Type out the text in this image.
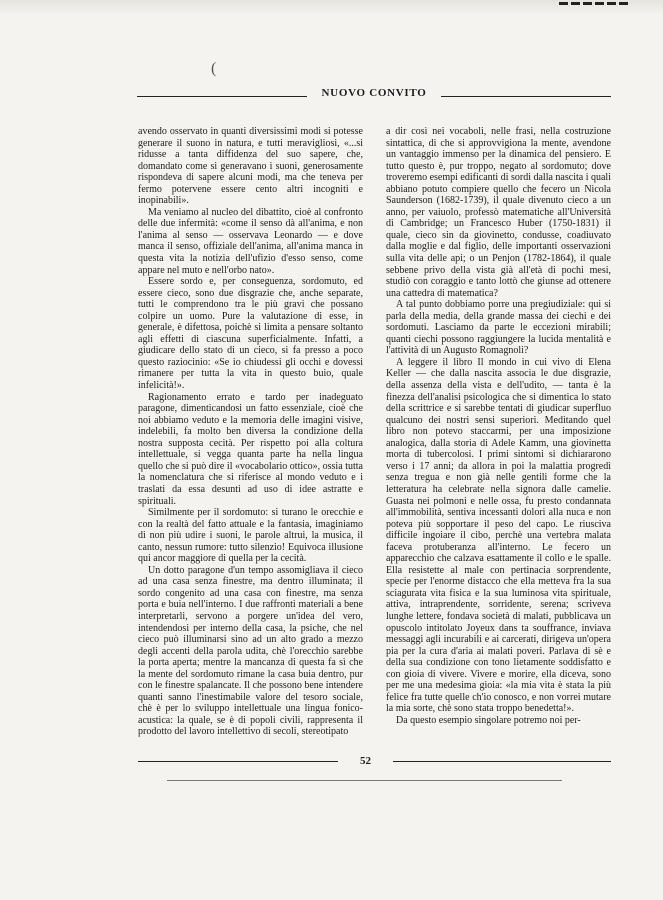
(
NUOVO CONVITO

avendo osservato in quanti diversissimi modi si potesse generare il suono in natura, e tutti meravigliosi, «...si ridusse a tanta diffidenza del suo sapere, che, domandato come si generavano i suoni, generosamente rispondeva di sapere alcuni modi, ma che teneva per fermo potervene essere cento altri incogniti e inopinabili».

Ma veniamo al nucleo del dibattito, cioè al confronto delle due infermità: «come il senso dà all'anima, e non l'anima al senso — osservava Leonardo — e dove manca il senso, offiziale dell'anima, all'anima manca in questa vita la notizia dell'ufizio d'esso senso, come appare nel muto e nell'orbo nato».

Essere sordo e, per conseguenza, sordomuto, ed essere cieco, sono due disgrazie che, anche separate, tutti le comprendono tra le più gravi che possano colpire un uomo. Pure la valutazione di esse, in generale, è difettosa, poichè si limita a pensare soltanto agli effetti di ciascuna superficialmente. Infatti, a giudicare dello stato di un cieco, si fa presso a poco questo raziocinio: «Se io chiudessi gli occhi e dovessi rimanere per tutta la vita in questo buio, quale infelicità!».

Ragionamento errato e tardo per inadeguato paragone, dimenticandosi un fatto essenziale, cioè che noi abbiamo veduto e la memoria delle imagini visive, indelebili, fa molto ben diversa la condizione della nostra supposta cecità. Per rispetto poi alla coltura intellettuale, si vegga quanta parte ha nella lingua quello che si può dire il «vocabolario ottico», ossia tutta la nomenclatura che si riferisce al mondo veduto e i traslati da essa desunti ad uso di idee astratte e spirituali.

Similmente per il sordomuto: si turano le orecchie e con la realtà del fatto attuale e la fantasia, imaginiamo di non più udire i suoni, le parole altrui, la musica, il canto, nessun rumore: tutto silenzio! Equivoca illusione qui ancor maggiore di quella per la cecità.

Un dotto paragone d'un tempo assomigliava il cieco ad una casa senza finestre, ma dentro illuminata; il sordo congenito ad una casa con finestre, ma senza porta e buia nell'interno. I due raffronti materiali a bene interpretarli, servono a porgere un'idea del vero, intendendosi per interno della casa, la psiche, che nel cieco può illuminarsi sino ad un alto grado a mezzo degli accenti della parola udita, chè l'orecchio sarebbe la porta aperta; mentre la mancanza di questa fa sì che la mente del sordomuto rimane la casa buia dentro, pur con le finestre spalancate. Il che possono bene intendere quanti sanno l'inestimabile valore del tesoro sociale, chè è per lo sviluppo intellettuale una lingua fonico-acustica: la quale, se è di popoli civili, rappresenta il prodotto del lavoro intellettivo di secoli, stereotipato

a dir così nei vocaboli, nelle frasi, nella costruzione sintattica, di che si approvvigiona la mente, avendone un vantaggio immenso per la dinamica del pensiero. E tutto questo è, pur troppo, negato al sordomuto; dove troveremo esempi edificanti di sordi dalla nascita i quali abbiano potuto compiere quello che fecero un Nicola Saunderson (1682-1739), il quale divenuto cieco a un anno, per vaiuolo, professò matematiche all'Università di Cambridge; un Francesco Huber (1750-1831) il quale, cieco sin da giovinetto, condusse, coadiuvato dalla moglie e dal figlio, delle importanti osservazioni sulla vita delle api; o un Penjon (1782-1864), il quale sebbene privo della vista già all'età di pochi mesi, studiò con coraggio e tanto lottò che giunse ad ottenere una cattedra di matematica?

A tal punto dobbiamo porre una pregiudiziale: qui si parla della media, della grande massa dei ciechi e dei sordomuti. Lasciamo da parte le eccezioni mirabili; quanti ciechi possono raggiungere la lucida mentalità e l'attività di un Augusto Romagnoli?

A leggere il libro Il mondo in cui vivo di Elena Keller — che dalla nascita associa le due disgrazie, della assenza della vista e dell'udito, — tanta è la finezza dell'analisi psicologica che si dimentica lo stato della scrittrice e si sarebbe tentati di giudicar superfluo qualcuno dei nostri sensi superiori. Meditando quel libro non potevo staccarmi, per una imposizione analogica, dalla storia di Adele Kamm, una giovinetta morta di tubercolosi. I primi sintomi si dichiararono verso i 17 anni; da allora in poi la malattia progredì senza tregua e non già nelle gentili forme che la letteratura ha celebrate nella signora dalle camelie. Guasta nei polmoni e nelle ossa, fu presto condannata all'immobilità, sentiva incessanti dolori alla nuca e non poteva più sopportare il peso del capo. Le riusciva difficile ingoiare il cibo, perchè una vertebra malata faceva protuberanza all'interno. Le fecero un apparecchio che calzava esattamente il collo e le spalle. Ella resistette al male con pertinacia sorprendente, specie per l'enorme distacco che ella metteva fra la sua sciagurata vita fisica e la sua luminosa vita spirituale, attiva, intraprendente, sorridente, serena; scriveva lunghe lettere, fondava società di malati, pubblicava un opuscolo intitolato Joyeux dans ta souffrance, inviava messaggi agli incurabili e ai carcerati, dirigeva un'opera pia per la cura d'aria ai malati poveri. Parlava di sè e della sua condizione con tono lietamente soddisfatto e con gioia di vivere. Vivere e morire, ella diceva, sono per me una medesima gioia: «la mia vita è stata la più felice fra tutte quelle ch'io conosco, e non vorrei mutare la mia sorte, chè sono stata troppo benedetta!».

Da questo esempio singolare potremo noi per-

52
